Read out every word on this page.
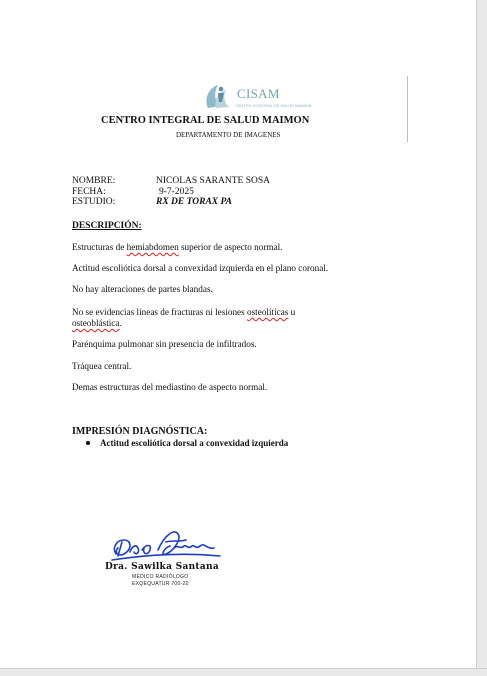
CISAM
CENTRO INTEGRAL DE SALUD MAIMON
CENTRO INTEGRAL DE SALUD MAIMON
DEPARTAMENTO DE IMAGENES
NOMBRE:	NICOLAS SARANTE SOSA
FECHA:	9-7-2025
ESTUDIO:	RX DE TORAX PA
DESCRIPCIÓN:
Estructuras de hemiabdomen superior de aspecto normal.
Actitud escoliótica dorsal a convexidad izquierda en el plano coronal.
No hay alteraciones de partes blandas.
No se evidencias líneas de fracturas ni lesiones osteolíticas u
osteoblástica.
Parénquima pulmonar sin presencia de infiltrados.
Tráquea central.
Demas estructuras del mediastino de aspecto normal.
IMPRESIÓN DIAGNÓSTICA:
Actitud escoliótica dorsal a convexidad izquierda
Dra. Sawilka Santana
MÉDICO RADIÓLOGO
EXQEQUATUR 700-20
